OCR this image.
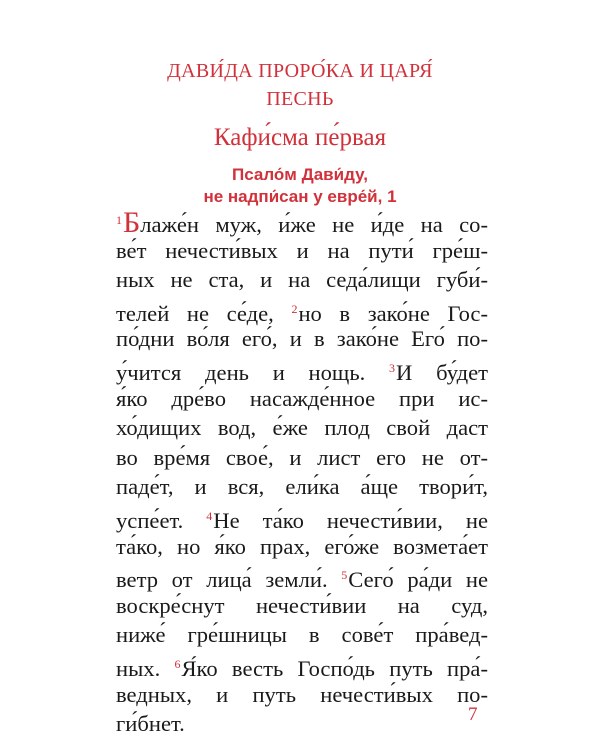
ДАВИ́ДА ПРОРО́КА И ЦАРЯ́
ПЕСНЬ
Кафи́сма пе́рвая
Псало́м Дави́ду,
не надпи́сан у евре́й, 1
$^1$Блаже́н муж, и́же не и́де на со-
ве́т нечести́вых и на пути́ гре́ш-
ных не ста, и на седа́лищи губи́-
телей не се́де, $^2$но в зако́не Гос-
по́дни во́ля его́, и в зако́не Его́ по-
у́чится день и нощь. $^3$И бу́дет
я́ко дре́во насажде́нное при ис-
хо́дищих вод, е́же плод свой даст
во вре́мя свое́, и лист его не от-
паде́т, и вся, ели́ка а́ще твори́т,
успе́ет. $^4$Не та́ко нечести́вии, не
та́ко, но я́ко прах, его́же возмета́ет
ветр от лица́ земли́. $^5$Сего́ ра́ди не
воскре́снут нечести́вии на суд,
ниже́ гре́шницы в сове́т пра́вед-
ных. $^6$Я́ко весть Госпо́дь путь пра́-
ведных, и путь нечести́вых по-
ги́бнет.	7
